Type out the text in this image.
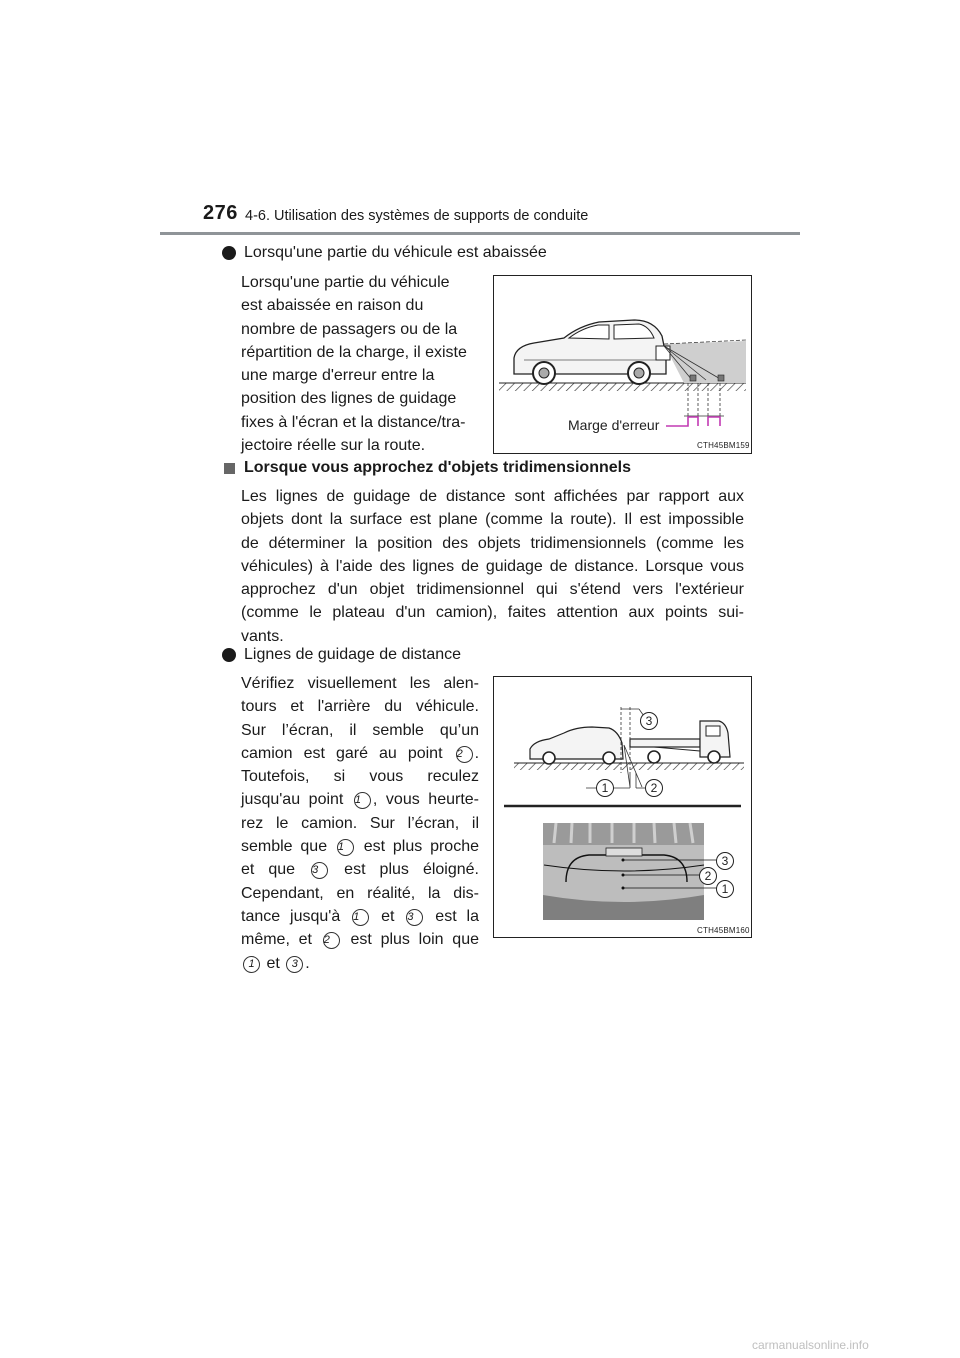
276 4-6. Utilisation des systèmes de supports de conduite
Lorsqu'une partie du véhicule est abaissée
Lorsqu'une partie du véhicule
est abaissée en raison du
nombre de passagers ou de la
répartition de la charge, il existe
une marge d'erreur entre la
position des lignes de guidage
fixes à l'écran et la distance/tra-
jectoire réelle sur la route.
Marge d'erreur
CTH45BM159
Lorsque vous approchez d'objets tridimensionnels
Les lignes de guidage de distance sont affichées par rapport aux
objets dont la surface est plane (comme la route). Il est impossible
de déterminer la position des objets tridimensionnels (comme les
véhicules) à l'aide des lignes de guidage de distance. Lorsque vous
approchez d'un objet tridimensionnel qui s'étend vers l'extérieur
(comme le plateau d'un camion), faites attention aux points sui-
vants.
Lignes de guidage de distance
Vérifiez visuellement les alen-
tours et l'arrière du véhicule.
Sur l’écran, il semble qu’un
camion est garé au point 2 .
Toutefois, si vous reculez
jusqu'au point 1 , vous heurte-
rez le camion. Sur l’écran, il
semble que 1 est plus proche
et que 3 est plus éloigné.
Cependant, en réalité, la dis-
tance jusqu'à 1 et 3 est la
même, et 2 est plus loin que
1 et 3 .
3
1	2
3
2
1
CTH45BM160
carmanualsonline.info
